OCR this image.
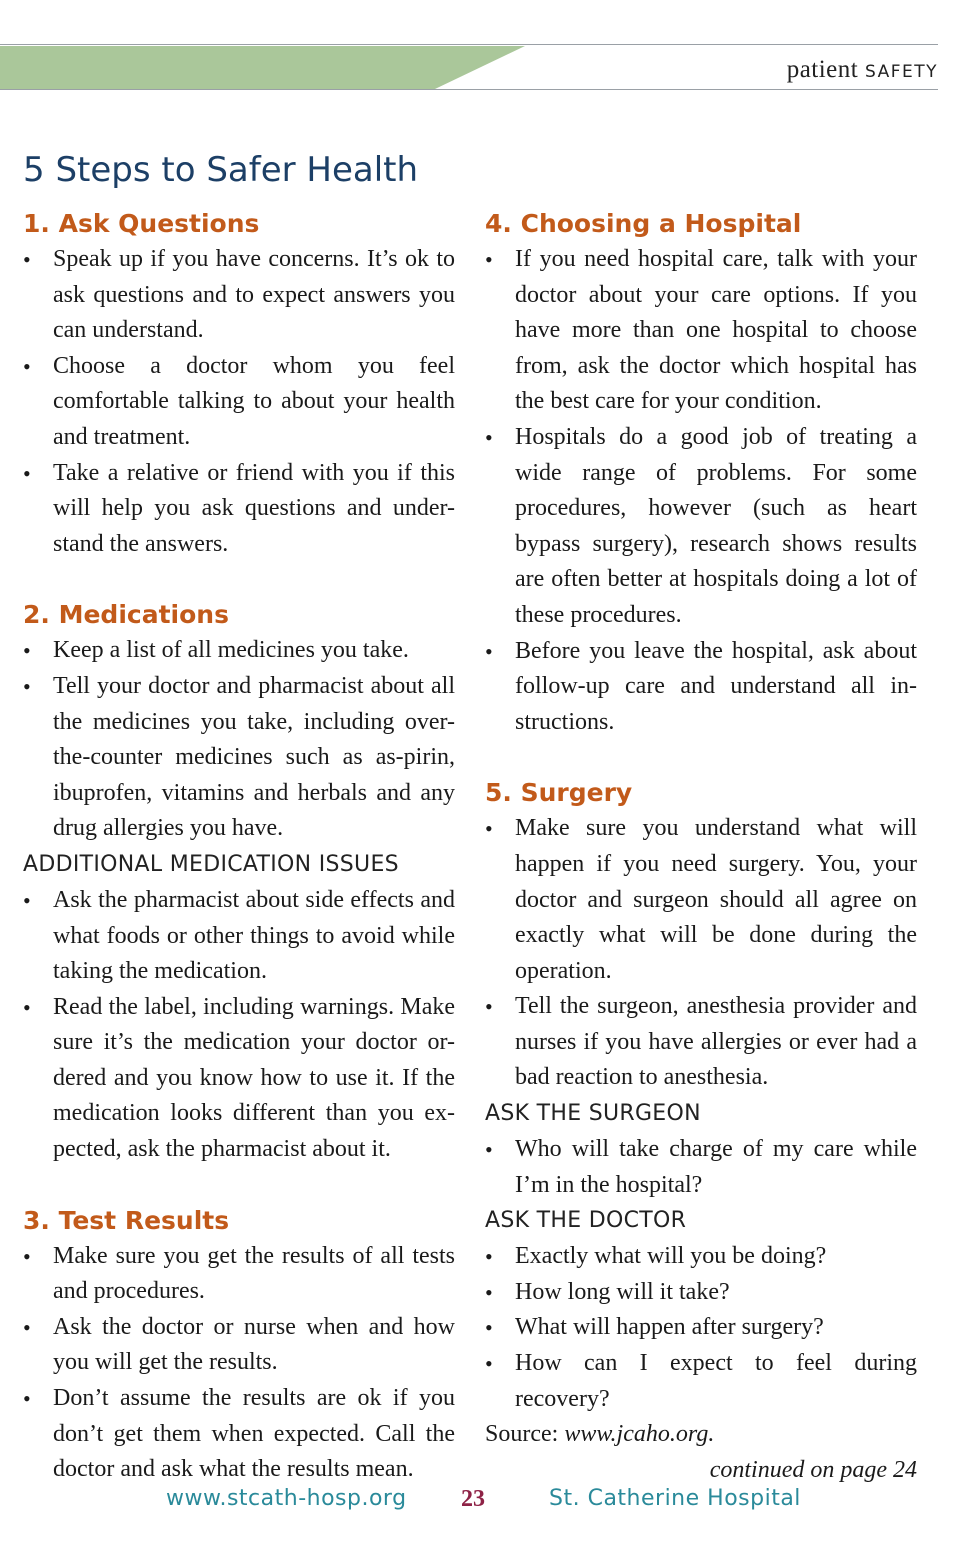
patient SAFETY
5 Steps to Safer Health
1. Ask Questions
• Speak up if you have concerns. It’s ok to ask questions and to expect answers you can understand.
• Choose a doctor whom you feel comfortable talking to about your health and treatment.
• Take a relative or friend with you if this will help you ask questions and under-stand the answers.
2. Medications
• Keep a list of all medicines you take.
• Tell your doctor and pharmacist about all the medicines you take, including over-the-counter medicines such as as-pirin, ibuprofen, vitamins and herbals and any drug allergies you have.
ADDITIONAL MEDICATION ISSUES
• Ask the pharmacist about side effects and what foods or other things to avoid while taking the medication.
• Read the label, including warnings. Make sure it’s the medication your doctor or-dered and you know how to use it. If the medication looks different than you ex-pected, ask the pharmacist about it.
3. Test Results
• Make sure you get the results of all tests and procedures.
• Ask the doctor or nurse when and how you will get the results.
• Don’t assume the results are ok if you don’t get them when expected. Call the doctor and ask what the results mean.
4. Choosing a Hospital
• If you need hospital care, talk with your doctor about your care options. If you have more than one hospital to choose from, ask the doctor which hospital has the best care for your condition.
• Hospitals do a good job of treating a wide range of problems. For some procedures, however (such as heart bypass surgery), research shows results are often better at hospitals doing a lot of these procedures.
• Before you leave the hospital, ask about follow-up care and understand all in-structions.
5. Surgery
• Make sure you understand what will happen if you need surgery. You, your doctor and surgeon should all agree on exactly what will be done during the operation.
• Tell the surgeon, anesthesia provider and nurses if you have allergies or ever had a bad reaction to anesthesia.
ASK THE SURGEON
• Who will take charge of my care while I’m in the hospital?
ASK THE DOCTOR
• Exactly what will you be doing?
• How long will it take?
• What will happen after surgery?
• How can I expect to feel during recovery?
Source: www.jcaho.org.
continued on page 24
www.stcath-hosp.org 23	St. Catherine Hospital
